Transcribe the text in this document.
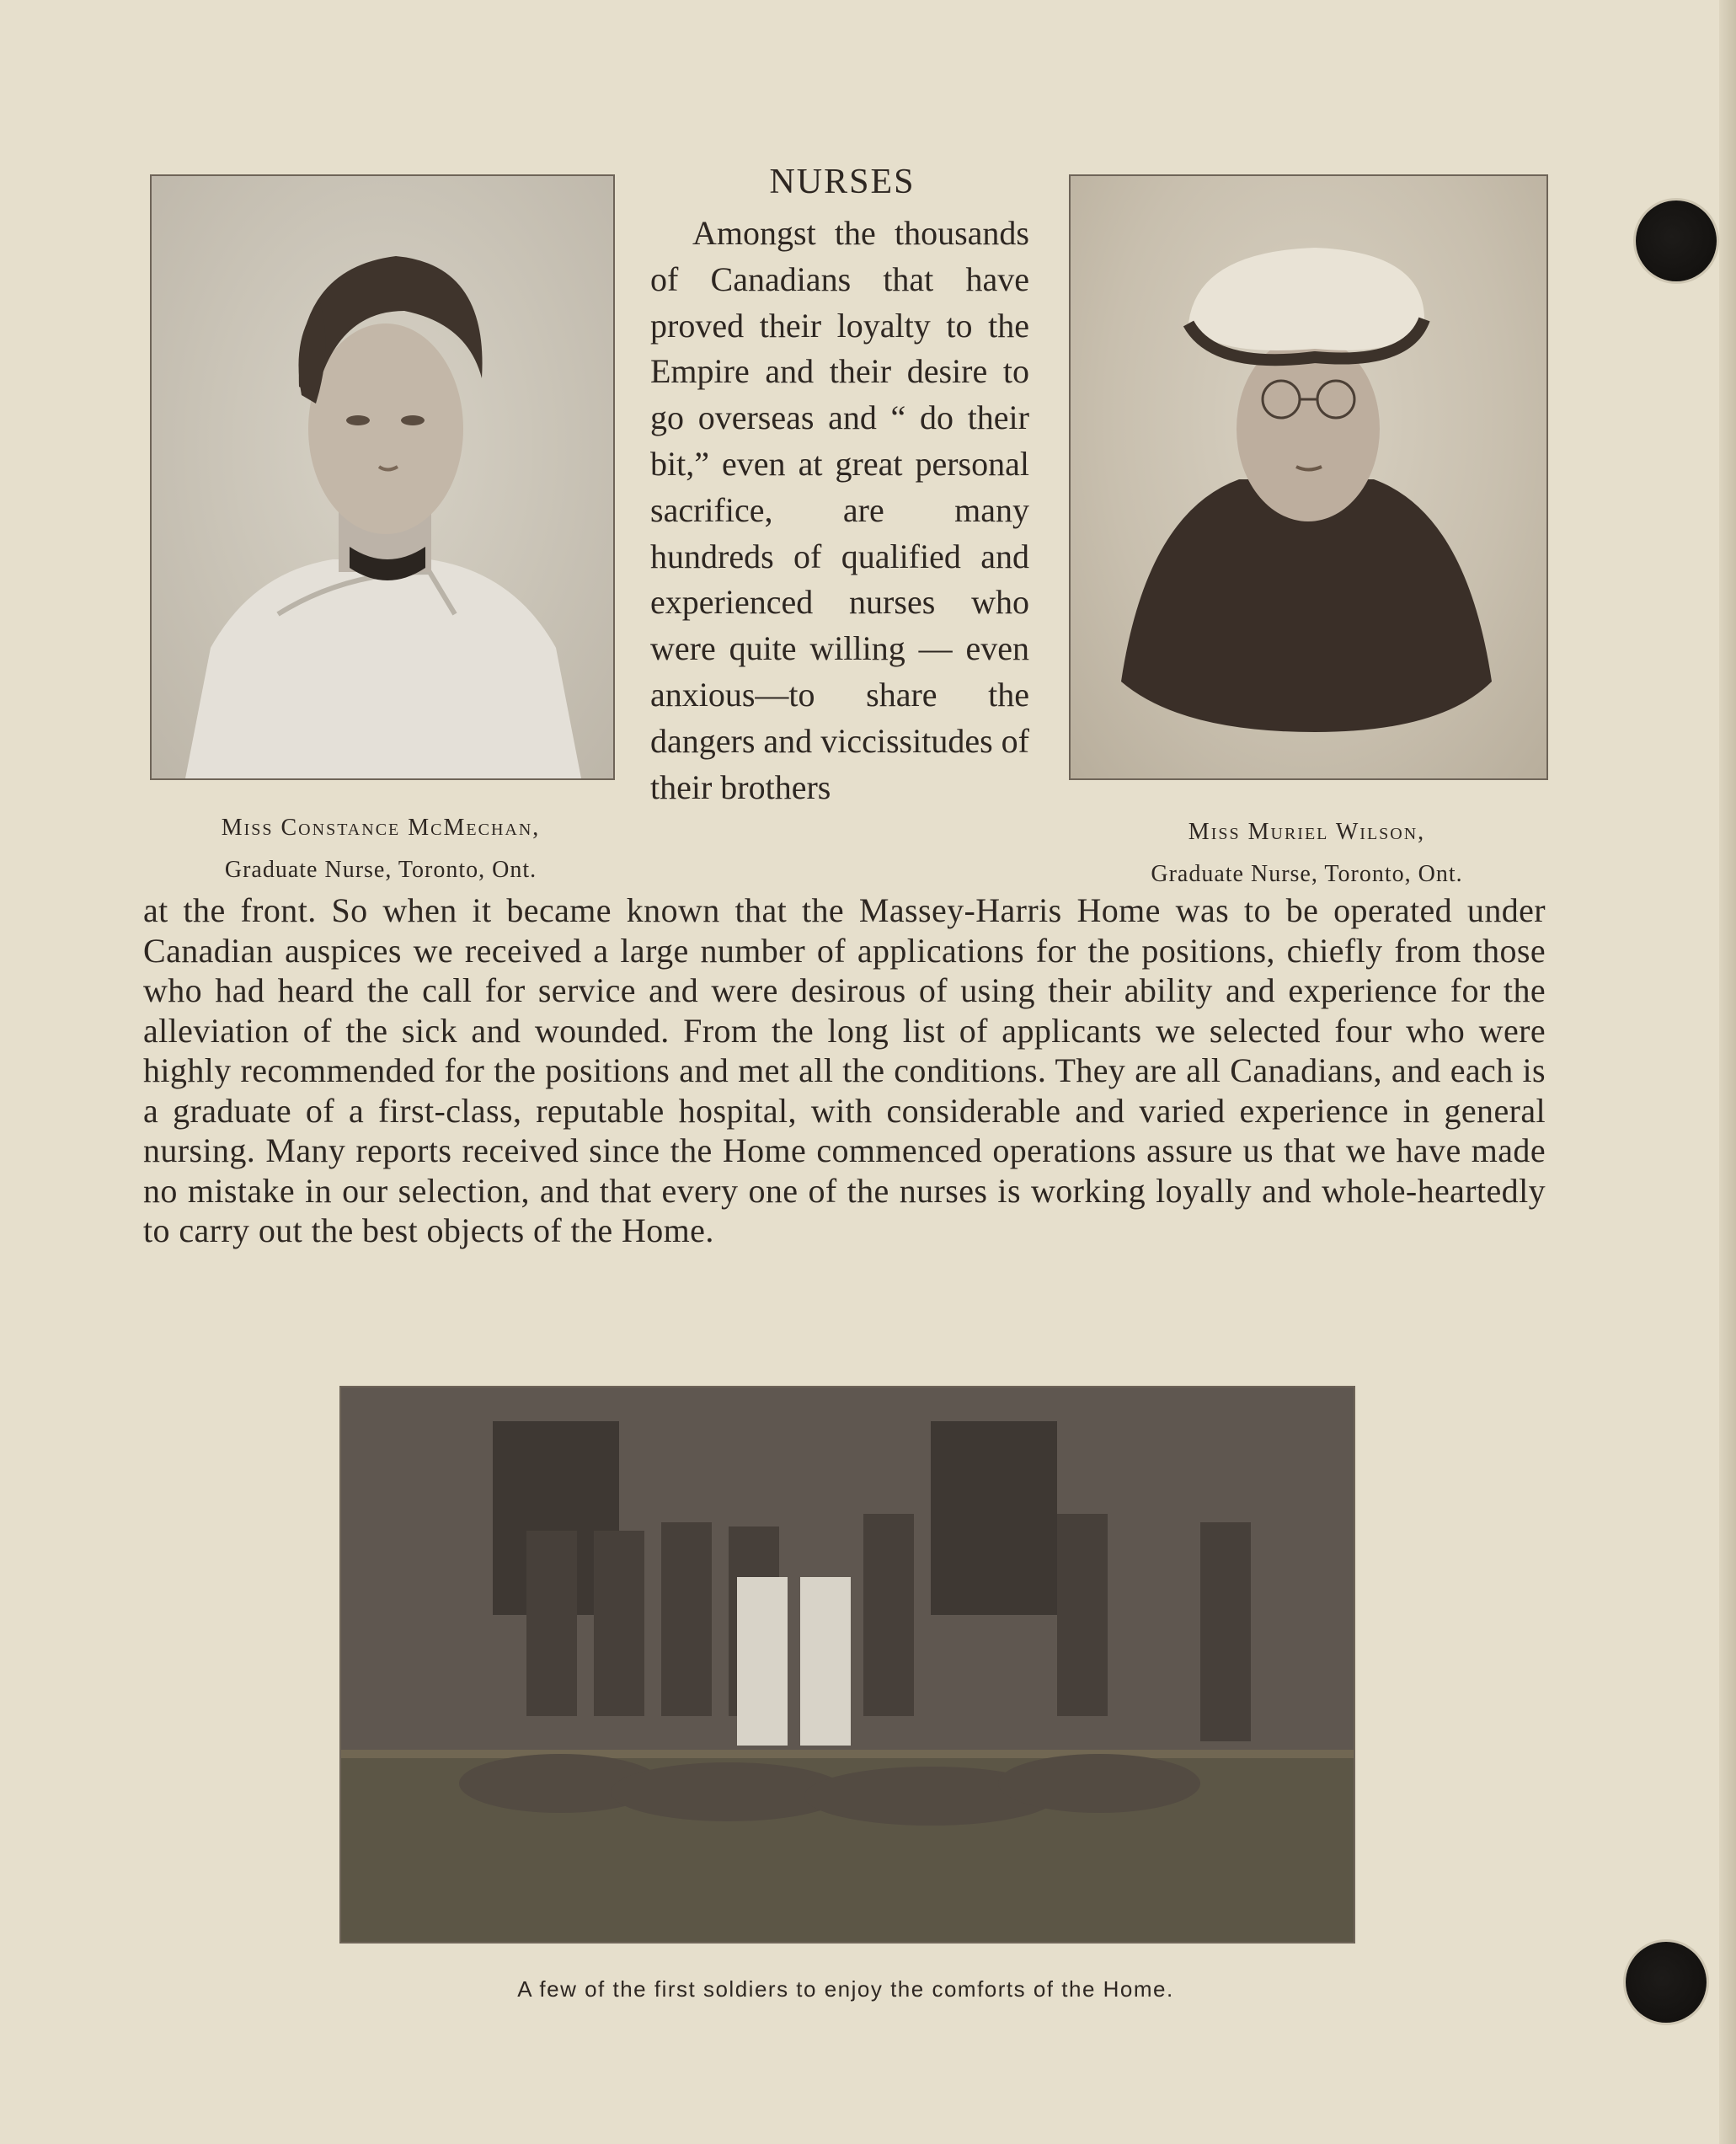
Miss Constance McMechan,
Graduate Nurse, Toronto, Ont.

Miss Muriel Wilson,
Graduate Nurse, Toronto, Ont.

NURSES

Amongst the thousands of Canadians that have proved their loyalty to the Empire and their desire to go overseas and “ do their bit,” even at great personal sacrifice, are many hundreds of qualified and experienced nurses who were quite willing — even anxious—to share the dangers and viccissitudes of their brothers

at the front. So when it became known that the Massey-Harris Home was to be operated under Canadian auspices we received a large number of applications for the positions, chiefly from those who had heard the call for service and were desirous of using their ability and experience for the alleviation of the sick and wounded. From the long list of applicants we selected four who were highly recommended for the positions and met all the conditions. They are all Canadians, and each is a graduate of a first-class, reputable hospital, with considerable and varied experience in general nursing. Many reports received since the Home commenced operations assure us that we have made no mistake in our selection, and that every one of the nurses is working loyally and whole-heartedly to carry out the best objects of the Home.

A few of the first soldiers to enjoy the comforts of the Home.
